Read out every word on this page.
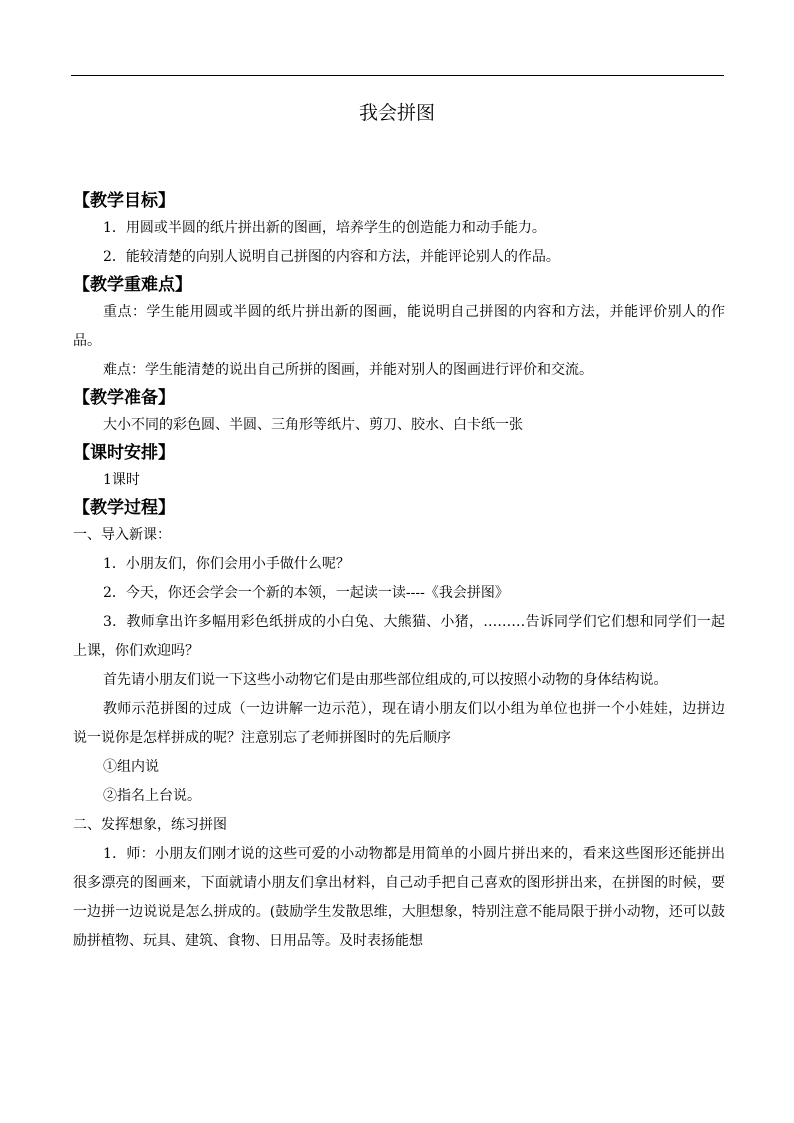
我会拼图

【教学目标】

1．用圆或半圆的纸片拼出新的图画，培养学生的创造能力和动手能力。

2．能较清楚的向别人说明自己拼图的内容和方法，并能评论别人的作品。

【教学重难点】

重点：学生能用圆或半圆的纸片拼出新的图画，能说明自己拼图的内容和方法，并能评价别人的作品。

难点：学生能清楚的说出自己所拼的图画，并能对别人的图画进行评价和交流。

【教学准备】

大小不同的彩色圆、半圆、三角形等纸片、剪刀、胶水、白卡纸一张

【课时安排】

1课时

【教学过程】

一、导入新课：

1．小朋友们，你们会用小手做什么呢？

2．今天，你还会学会一个新的本领，一起读一读----《我会拼图》

3．教师拿出许多幅用彩色纸拼成的小白兔、大熊猫、小猪，………告诉同学们它们想和同学们一起上课，你们欢迎吗？

首先请小朋友们说一下这些小动物它们是由那些部位组成的,可以按照小动物的身体结构说。

教师示范拼图的过成（一边讲解一边示范），现在请小朋友们以小组为单位也拼一个小娃娃，边拼边说一说你是怎样拼成的呢？注意别忘了老师拼图时的先后顺序

①组内说

②指名上台说。

二、发挥想象，练习拼图

1．师：小朋友们刚才说的这些可爱的小动物都是用简单的小圆片拼出来的，看来这些图形还能拼出很多漂亮的图画来，下面就请小朋友们拿出材料，自己动手把自己喜欢的图形拼出来，在拼图的时候，要一边拼一边说说是怎么拼成的。(鼓励学生发散思维，大胆想象，特别注意不能局限于拼小动物，还可以鼓励拼植物、玩具、建筑、食物、日用品等。及时表扬能想
